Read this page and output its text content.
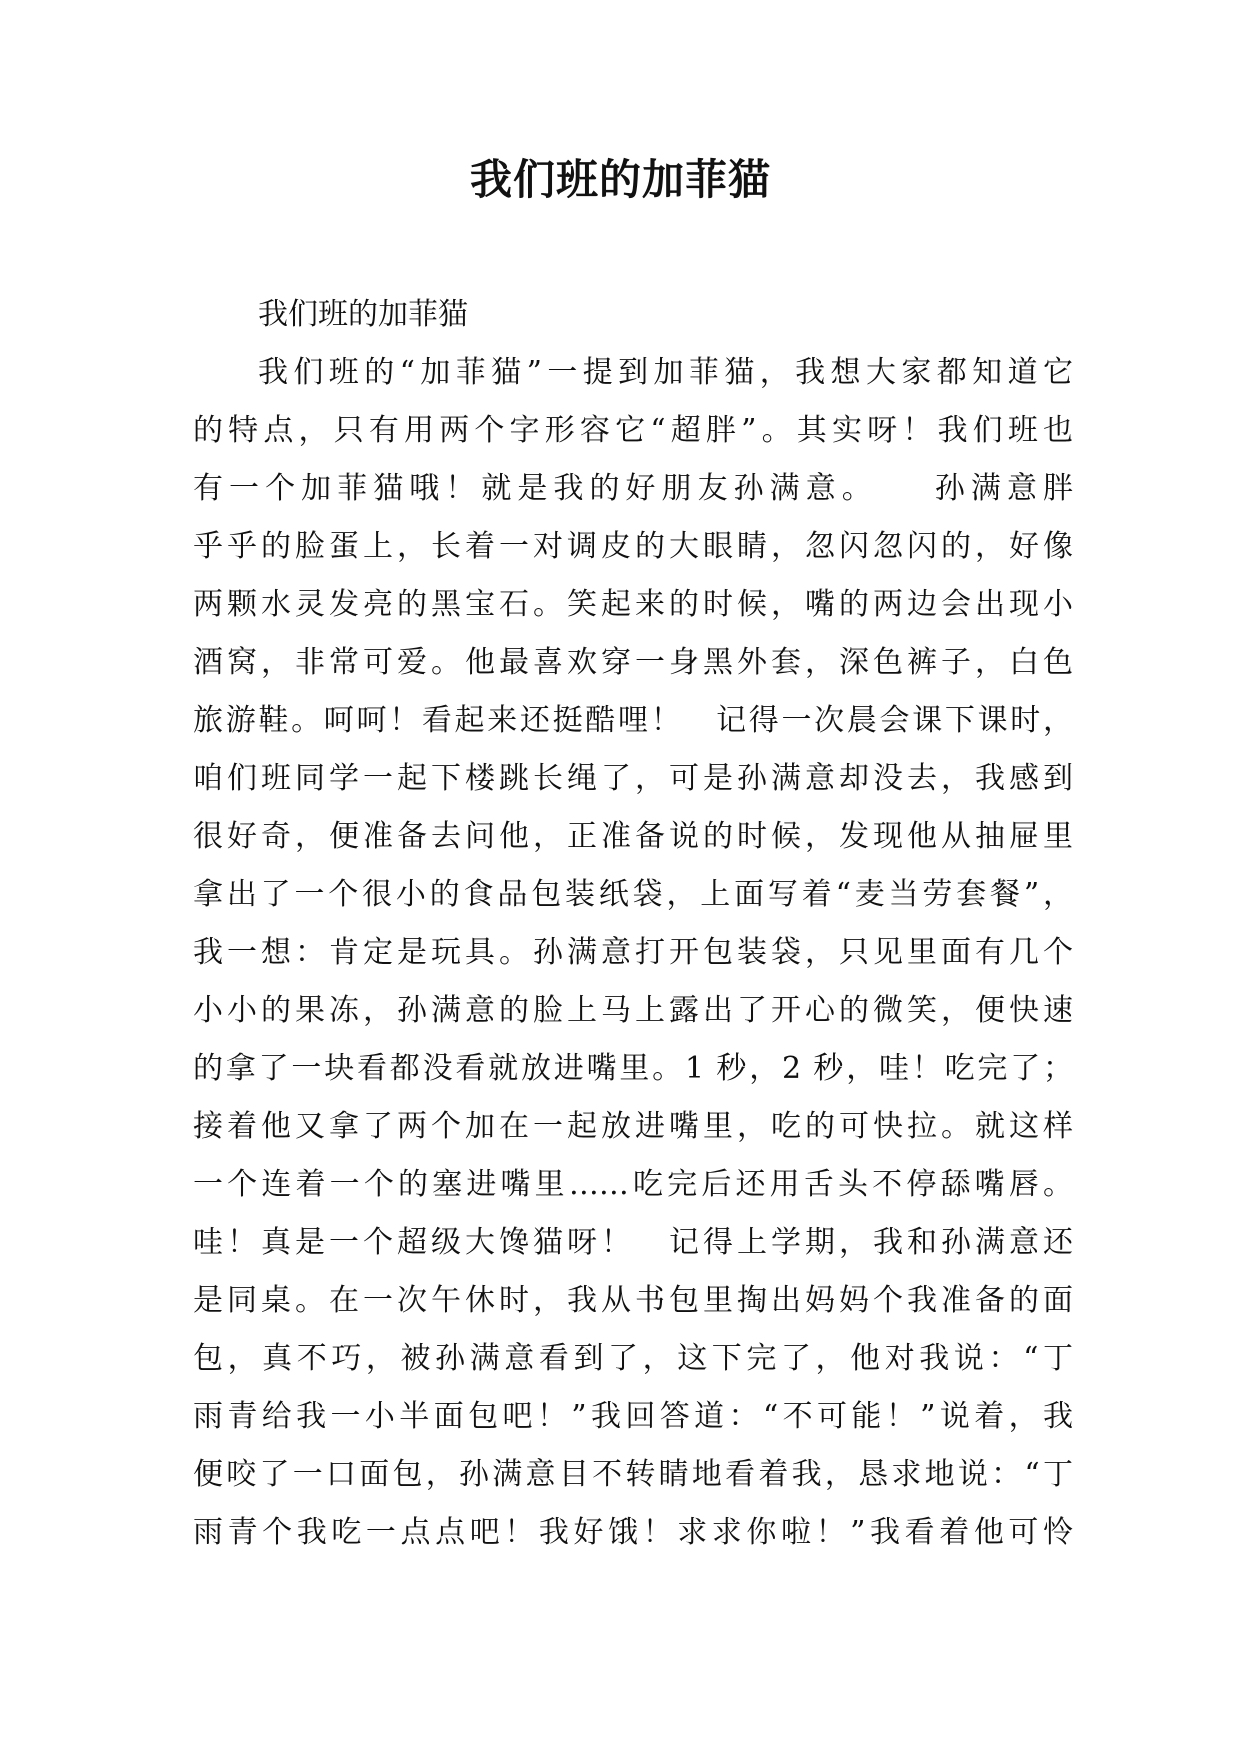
我们班的加菲猫
我们班的加菲猫
我们班的“加菲猫”一提到加菲猫，我想大家都知道它
的特点，只有用两个字形容它“超胖”。其实呀！我们班也
有一个加菲猫哦！就是我的好朋友孙满意。　　孙满意胖
乎乎的脸蛋上，长着一对调皮的大眼睛，忽闪忽闪的，好像
两颗水灵发亮的黑宝石。笑起来的时候，嘴的两边会出现小
酒窝，非常可爱。他最喜欢穿一身黑外套，深色裤子，白色
旅游鞋。呵呵！看起来还挺酷哩！　记得一次晨会课下课时，
咱们班同学一起下楼跳长绳了，可是孙满意却没去，我感到
很好奇，便准备去问他，正准备说的时候，发现他从抽屉里
拿出了一个很小的食品包装纸袋，上面写着“麦当劳套餐”，
我一想：肯定是玩具。孙满意打开包装袋，只见里面有几个
小小的果冻，孙满意的脸上马上露出了开心的微笑，便快速
的拿了一块看都没看就放进嘴里。1 秒，2 秒，哇！吃完了；
接着他又拿了两个加在一起放进嘴里，吃的可快拉。就这样
一个连着一个的塞进嘴里……吃完后还用舌头不停舔嘴唇。
哇！真是一个超级大馋猫呀！　记得上学期，我和孙满意还
是同桌。在一次午休时，我从书包里掏出妈妈个我准备的面
包，真不巧，被孙满意看到了，这下完了，他对我说：“丁
雨青给我一小半面包吧！”我回答道：“不可能！”说着，我
便咬了一口面包，孙满意目不转睛地看着我，恳求地说：“丁
雨青个我吃一点点吧！我好饿！求求你啦！”我看着他可怜
